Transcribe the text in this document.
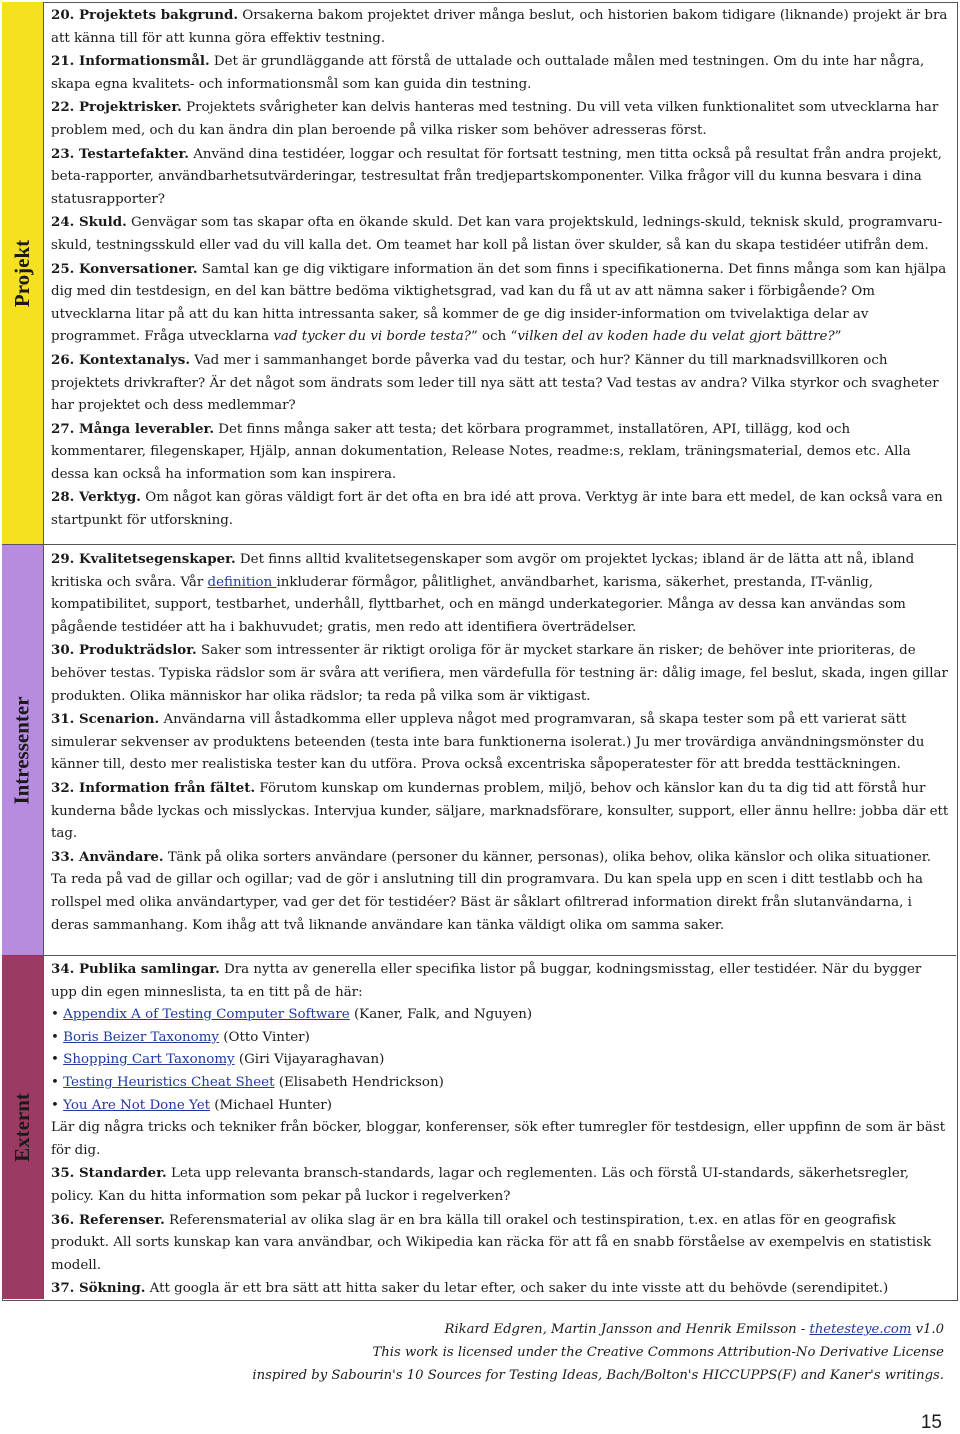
Projekt
Intressenter
Externt

20. Projektets bakgrund. Orsakerna bakom projektet driver många beslut, och historien bakom tidigare (liknande) projekt är bra att känna till för att kunna göra effektiv testning.

21. Informationsmål. Det är grundläggande att förstå de uttalade och outtalade målen med testningen. Om du inte har några, skapa egna kvalitets- och informationsmål som kan guida din testning.

22. Projektrisker. Projektets svårigheter kan delvis hanteras med testning. Du vill veta vilken funktionalitet som utvecklarna har problem med, och du kan ändra din plan beroende på vilka risker som behöver adresseras först.

23. Testartefakter. Använd dina testidéer, loggar och resultat för fortsatt testning, men titta också på resultat från andra projekt, beta-rapporter, användbarhetsutvärderingar, testresultat från tredjepartskomponenter. Vilka frågor vill du kunna besvara i dina statusrapporter?

24. Skuld. Genvägar som tas skapar ofta en ökande skuld. Det kan vara projektskuld, lednings-skuld, teknisk skuld, programvaru-skuld, testningsskuld eller vad du vill kalla det. Om teamet har koll på listan över skulder, så kan du skapa testidéer utifrån dem.

25. Konversationer. Samtal kan ge dig viktigare information än det som finns i specifikationerna. Det finns många som kan hjälpa dig med din testdesign, en del kan bättre bedöma viktighetsgrad, vad kan du få ut av att nämna saker i förbigående? Om utvecklarna litar på att du kan hitta intressanta saker, så kommer de ge dig insider-information om tvivelaktiga delar av programmet. Fråga utvecklarna vad tycker du vi borde testa?” och “vilken del av koden hade du velat gjort bättre?”

26. Kontextanalys. Vad mer i sammanhanget borde påverka vad du testar, och hur? Känner du till marknadsvillkoren och projektets drivkrafter? Är det något som ändrats som leder till nya sätt att testa? Vad testas av andra? Vilka styrkor och svagheter har projektet och dess medlemmar?

27. Många leverabler. Det finns många saker att testa; det körbara programmet, installatören, API, tillägg, kod och kommentarer, filegenskaper, Hjälp, annan dokumentation, Release Notes, readme:s, reklam, träningsmaterial, demos etc. Alla dessa kan också ha information som kan inspirera.

28. Verktyg. Om något kan göras väldigt fort är det ofta en bra idé att prova. Verktyg är inte bara ett medel, de kan också vara en startpunkt för utforskning.

29. Kvalitetsegenskaper. Det finns alltid kvalitetsegenskaper som avgör om projektet lyckas; ibland är de lätta att nå, ibland kritiska och svåra. Vår definition inkluderar förmågor, pålitlighet, användbarhet, karisma, säkerhet, prestanda, IT-vänlig, kompatibilitet, support, testbarhet, underhåll, flyttbarhet, och en mängd underkategorier. Många av dessa kan användas som pågående testidéer att ha i bakhuvudet; gratis, men redo att identifiera överträdelser.

30. Produkträdslor. Saker som intressenter är riktigt oroliga för är mycket starkare än risker; de behöver inte prioriteras, de behöver testas. Typiska rädslor som är svåra att verifiera, men värdefulla för testning är: dålig image, fel beslut, skada, ingen gillar produkten. Olika människor har olika rädslor; ta reda på vilka som är viktigast.

31. Scenarion. Användarna vill åstadkomma eller uppleva något med programvaran, så skapa tester som på ett varierat sätt simulerar sekvenser av produktens beteenden (testa inte bara funktionerna isolerat.) Ju mer trovärdiga användningsmönster du känner till, desto mer realistiska tester kan du utföra. Prova också excentriska såpoperatester för att bredda testtäckningen.

32. Information från fältet. Förutom kunskap om kundernas problem, miljö, behov och känslor kan du ta dig tid att förstå hur kunderna både lyckas och misslyckas. Intervjua kunder, säljare, marknadsförare, konsulter, support, eller ännu hellre: jobba där ett tag.

33. Användare. Tänk på olika sorters användare (personer du känner, personas), olika behov, olika känslor och olika situationer. Ta reda på vad de gillar och ogillar; vad de gör i anslutning till din programvara. Du kan spela upp en scen i ditt testlabb och ha rollspel med olika användartyper, vad ger det för testidéer? Bäst är såklart ofiltrerad information direkt från slutanvändarna, i deras sammanhang. Kom ihåg att två liknande användare kan tänka väldigt olika om samma saker.

34. Publika samlingar. Dra nytta av generella eller specifika listor på buggar, kodningsmisstag, eller testidéer. När du bygger upp din egen minneslista, ta en titt på de här:

• Appendix A of Testing Computer Software (Kaner, Falk, and Nguyen)

• Boris Beizer Taxonomy (Otto Vinter)

• Shopping Cart Taxonomy (Giri Vijayaraghavan)

• Testing Heuristics Cheat Sheet (Elisabeth Hendrickson)

• You Are Not Done Yet (Michael Hunter)

Lär dig några tricks och tekniker från böcker, bloggar, konferenser, sök efter tumregler för testdesign, eller uppfinn de som är bäst för dig.

35. Standarder. Leta upp relevanta bransch-standards, lagar och reglementen. Läs och förstå UI-standards, säkerhetsregler, policy. Kan du hitta information som pekar på luckor i regelverken?

36. Referenser. Referensmaterial av olika slag är en bra källa till orakel och testinspiration, t.ex. en atlas för en geografisk produkt. All sorts kunskap kan vara användbar, och Wikipedia kan räcka för att få en snabb förståelse av exempelvis en statistisk modell.

37. Sökning. Att googla är ett bra sätt att hitta saker du letar efter, och saker du inte visste att du behövde (serendipitet.)

Rikard Edgren, Martin Jansson and Henrik Emilsson - thetesteye.com v1.0
This work is licensed under the Creative Commons Attribution-No Derivative License
inspired by Sabourin's 10 Sources for Testing Ideas, Bach/Bolton's HICCUPPS(F) and Kaner's writings.
15
